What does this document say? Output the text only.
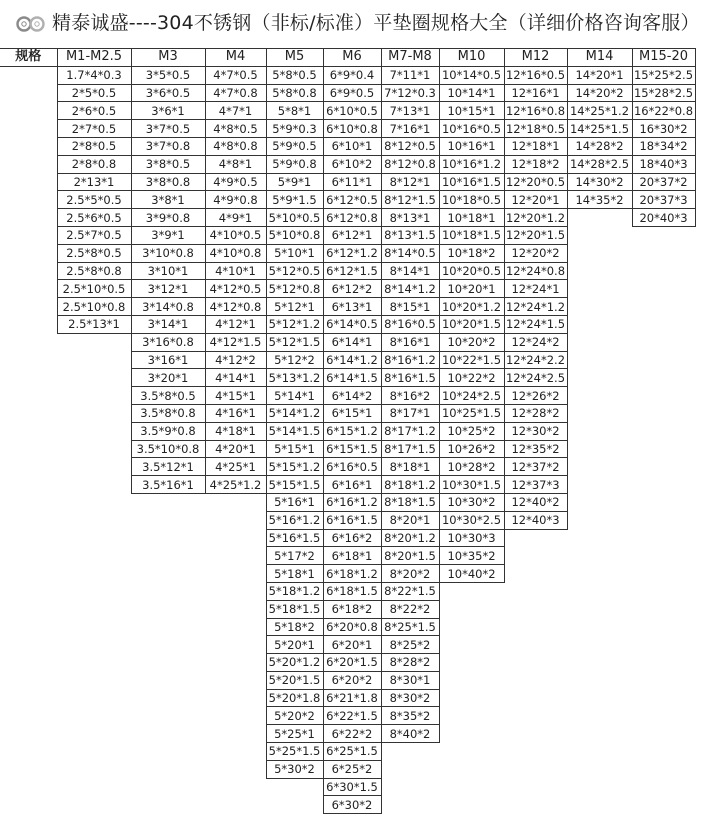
精泰诚盛----304不锈钢（非标/标准）平垫圈规格大全（详细价格咨询客服）
规格	M1-M2.5	M3	M4	M5	M6	M7-M8	M10	M12	M14	M15-20
	1.7*4*0.3	3*5*0.5	4*7*0.5	5*8*0.5	6*9*0.4	7*11*1	10*14*0.5	12*16*0.5	14*20*1	15*25*2.5
	2*5*0.5	3*6*0.5	4*7*0.8	5*8*0.8	6*9*0.5	7*12*0.3	10*14*1	12*16*1	14*20*2	15*28*2.5
	2*6*0.5	3*6*1	4*7*1	5*8*1	6*10*0.5	7*13*1	10*15*1	12*16*0.8	14*25*1.2	16*22*0.8
	2*7*0.5	3*7*0.5	4*8*0.5	5*9*0.3	6*10*0.8	7*16*1	10*16*0.5	12*18*0.5	14*25*1.5	16*30*2
	2*8*0.5	3*7*0.8	4*8*0.8	5*9*0.5	6*10*1	8*12*0.5	10*16*1	12*18*1	14*28*2	18*34*2
	2*8*0.8	3*8*0.5	4*8*1	5*9*0.8	6*10*2	8*12*0.8	10*16*1.2	12*18*2	14*28*2.5	18*40*3
	2*13*1	3*8*0.8	4*9*0.5	5*9*1	6*11*1	8*12*1	10*16*1.5	12*20*0.5	14*30*2	20*37*2
	2.5*5*0.5	3*8*1	4*9*0.8	5*9*1.5	6*12*0.5	8*12*1.5	10*18*0.5	12*20*1	14*35*2	20*37*3
	2.5*6*0.5	3*9*0.8	4*9*1	5*10*0.5	6*12*0.8	8*13*1	10*18*1	12*20*1.2		20*40*3
	2.5*7*0.5	3*9*1	4*10*0.5	5*10*0.8	6*12*1	8*13*1.5	10*18*1.5	12*20*1.5		
	2.5*8*0.5	3*10*0.8	4*10*0.8	5*10*1	6*12*1.2	8*14*0.5	10*18*2	12*20*2		
	2.5*8*0.8	3*10*1	4*10*1	5*12*0.5	6*12*1.5	8*14*1	10*20*0.5	12*24*0.8		
	2.5*10*0.5	3*12*1	4*12*0.5	5*12*0.8	6*12*2	8*14*1.2	10*20*1	12*24*1		
	2.5*10*0.8	3*14*0.8	4*12*0.8	5*12*1	6*13*1	8*15*1	10*20*1.2	12*24*1.2		
	2.5*13*1	3*14*1	4*12*1	5*12*1.2	6*14*0.5	8*16*0.5	10*20*1.5	12*24*1.5		
		3*16*0.8	4*12*1.5	5*12*1.5	6*14*1	8*16*1	10*20*2	12*24*2		
		3*16*1	4*12*2	5*12*2	6*14*1.2	8*16*1.2	10*22*1.5	12*24*2.2		
		3*20*1	4*14*1	5*13*1.2	6*14*1.5	8*16*1.5	10*22*2	12*24*2.5		
		3.5*8*0.5	4*15*1	5*14*1	6*14*2	8*16*2	10*24*2.5	12*26*2		
		3.5*8*0.8	4*16*1	5*14*1.2	6*15*1	8*17*1	10*25*1.5	12*28*2		
		3.5*9*0.8	4*18*1	5*14*1.5	6*15*1.2	8*17*1.2	10*25*2	12*30*2		
		3.5*10*0.8	4*20*1	5*15*1	6*15*1.5	8*17*1.5	10*26*2	12*35*2		
		3.5*12*1	4*25*1	5*15*1.2	6*16*0.5	8*18*1	10*28*2	12*37*2		
		3.5*16*1	4*25*1.2	5*15*1.5	6*16*1	8*18*1.2	10*30*1.5	12*37*3		
				5*16*1	6*16*1.2	8*18*1.5	10*30*2	12*40*2		
				5*16*1.2	6*16*1.5	8*20*1	10*30*2.5	12*40*3		
				5*16*1.5	6*16*2	8*20*1.2	10*30*3			
				5*17*2	6*18*1	8*20*1.5	10*35*2			
				5*18*1	6*18*1.2	8*20*2	10*40*2			
				5*18*1.2	6*18*1.5	8*22*1.5				
				5*18*1.5	6*18*2	8*22*2				
				5*18*2	6*20*0.8	8*25*1.5				
				5*20*1	6*20*1	8*25*2				
				5*20*1.2	6*20*1.5	8*28*2				
				5*20*1.5	6*20*2	8*30*1				
				5*20*1.8	6*21*1.8	8*30*2				
				5*20*2	6*22*1.5	8*35*2				
				5*25*1	6*22*2	8*40*2				
				5*25*1.5	6*25*1.5					
				5*30*2	6*25*2					
					6*30*1.5					
					6*30*2					
